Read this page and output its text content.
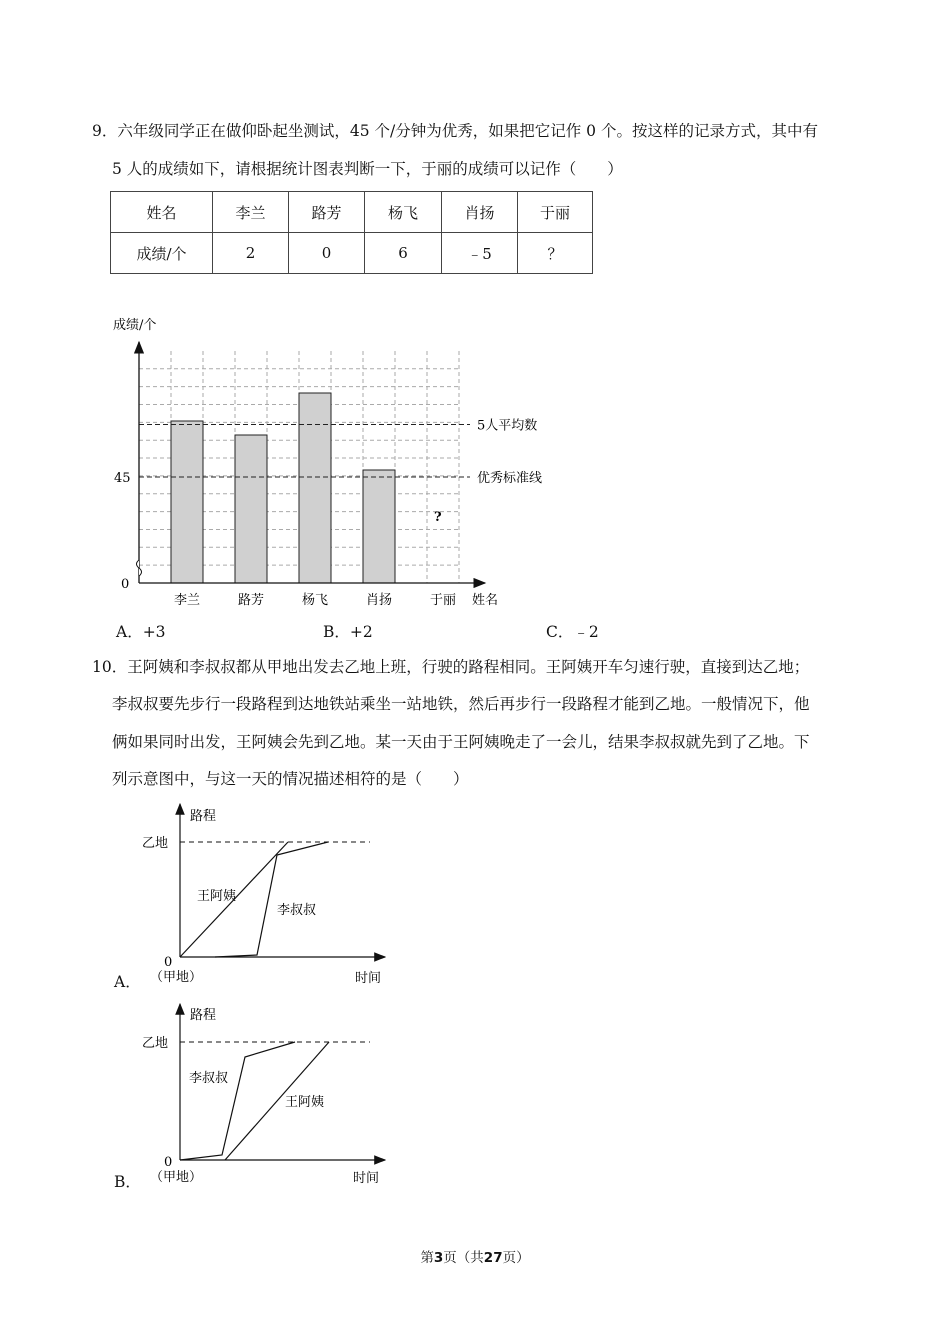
9．六年级同学正在做仰卧起坐测试，45 个/分钟为优秀，如果把它记作 0 个。按这样的记录方式，其中有
5 人的成绩如下，请根据统计图表判断一下，于丽的成绩可以记作（　　）
姓名	李兰	路芳	杨飞	肖扬	于丽
成绩/个	2	0	6	﹣5	？
5人平均数
优秀标准线
成绩/个
姓名
0
45
李兰	路芳	杨飞	肖扬	于丽
?
A．+3	B．+2	C．﹣2
10．王阿姨和李叔叔都从甲地出发去乙地上班，行驶的路程相同。王阿姨开车匀速行驶，直接到达乙地；
李叔叔要先步行一段路程到达地铁站乘坐一站地铁，然后再步行一段路程才能到乙地。一般情况下，他
俩如果同时出发，王阿姨会先到乙地。某一天由于王阿姨晚走了一会儿，结果李叔叔就先到了乙地。下
列示意图中，与这一天的情况描述相符的是（　　）
路程
乙地
王阿姨
李叔叔
0
（甲地）	时间
A．
路程
乙地
李叔叔
王阿姨
0
（甲地）	时间
B．
第3页（共27页）
